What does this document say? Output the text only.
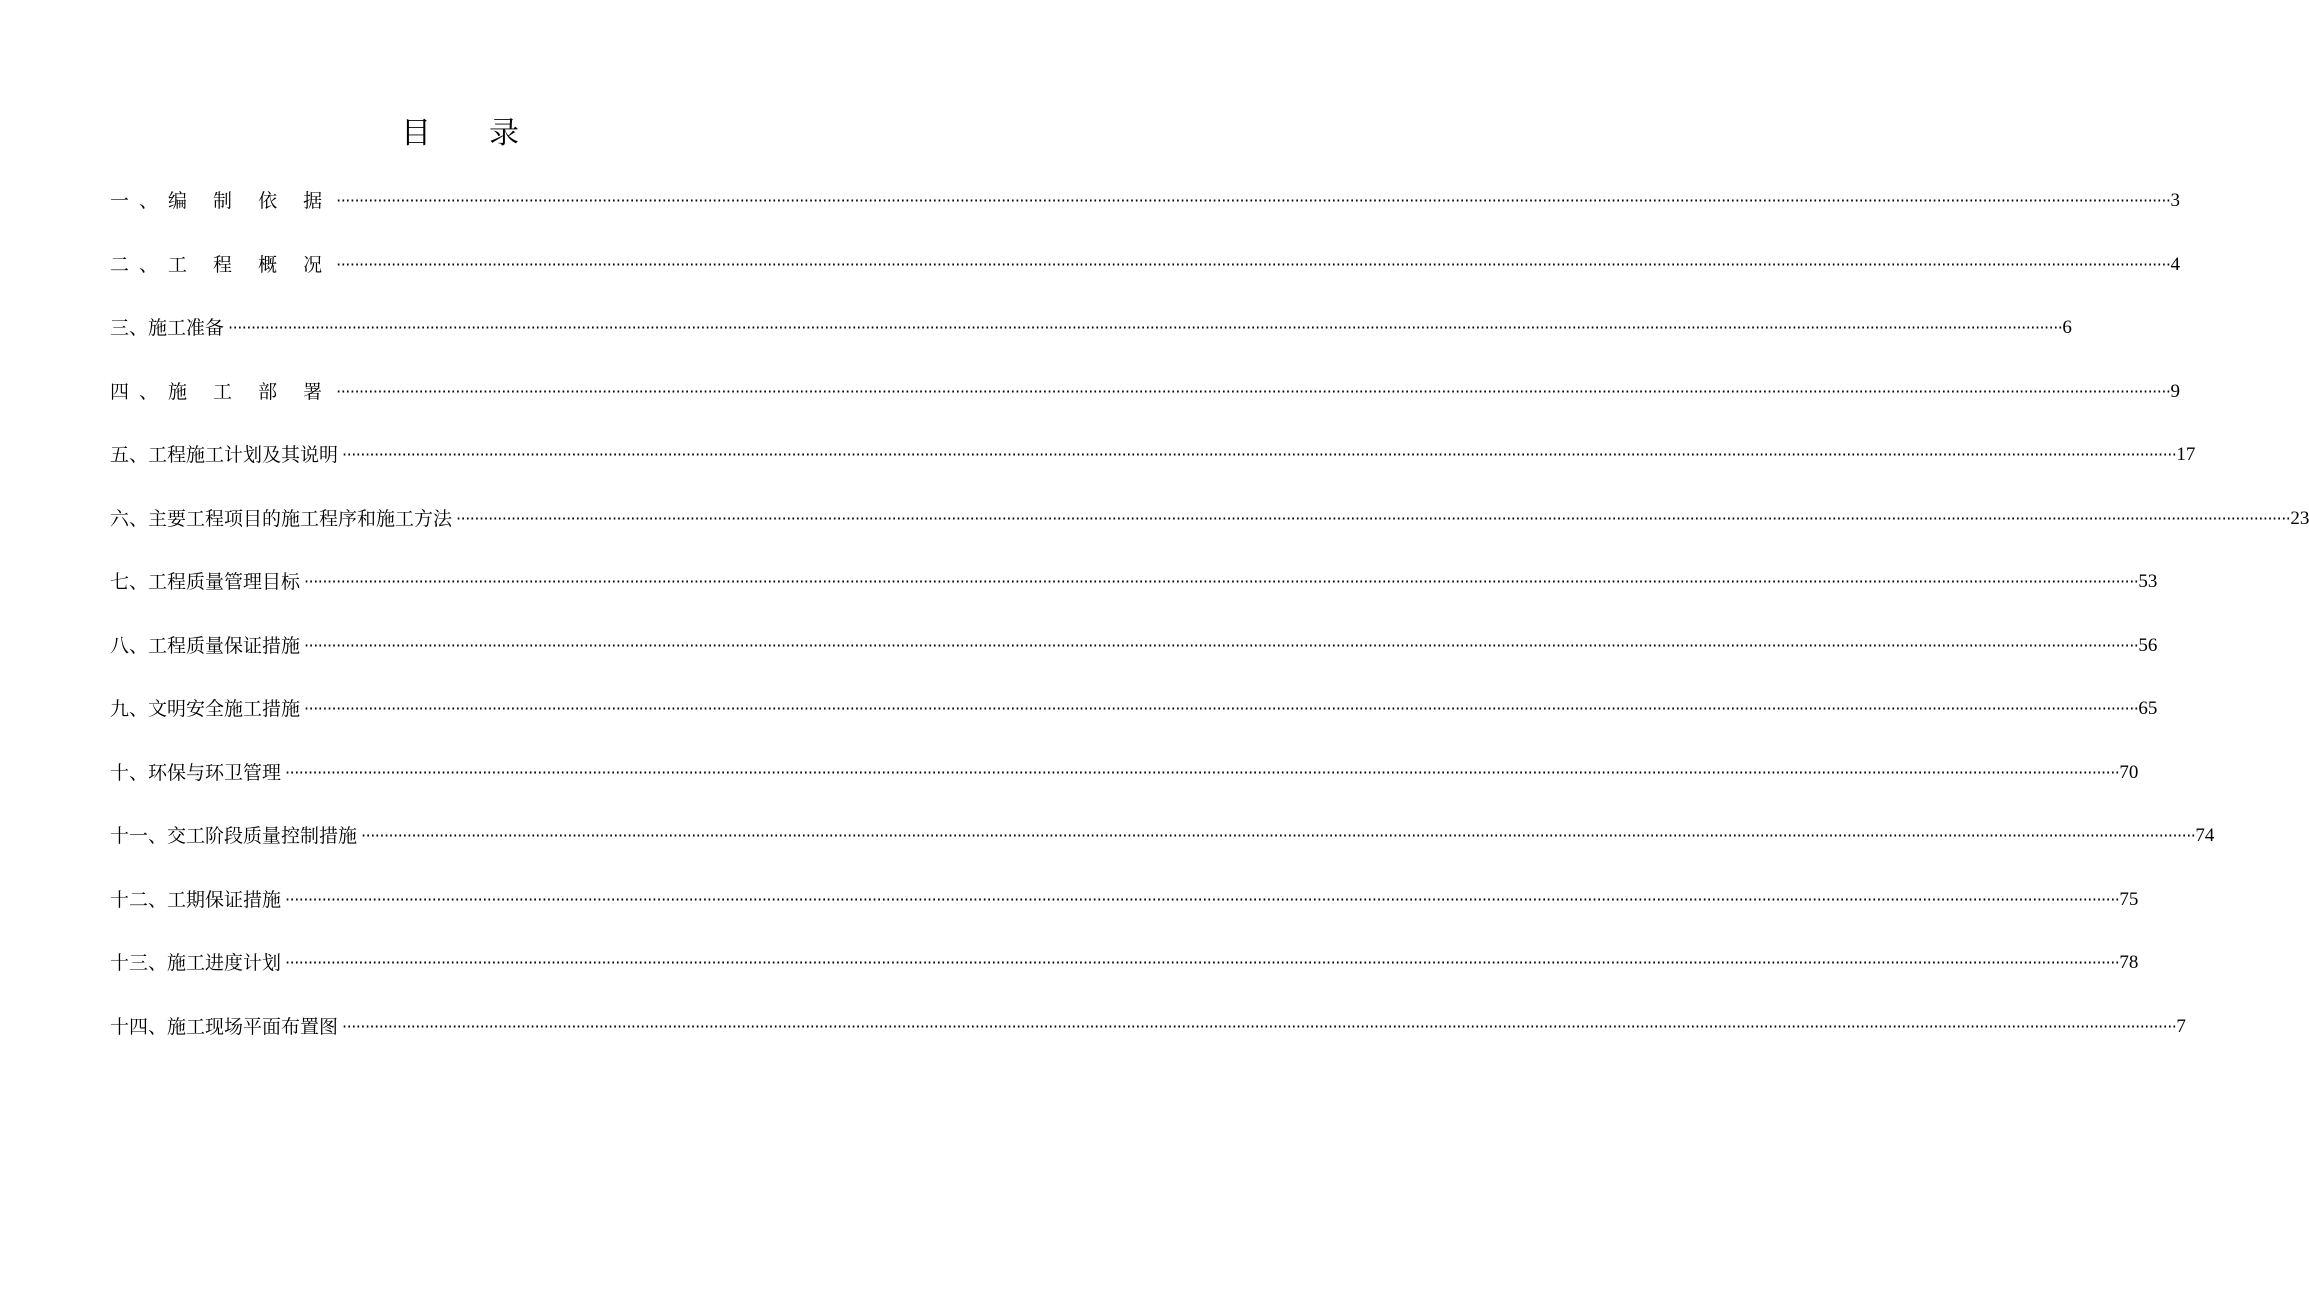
目 录
一、编 制 依 据 ················································································································································································································································································································································································································ 3
二、工 程 概 况 ················································································································································································································································································································································································································ 4
三、施工准备 ················································································································································································································································································································································································································ 6
四、施 工 部 署 ················································································································································································································································································································································································································ 9
五、工程施工计划及其说明 ················································································································································································································································································································································································································ 17
六、主要工程项目的施工程序和施工方法 ················································································································································································································································································································································································································ 23
七、工程质量管理目标 ················································································································································································································································································································································································································ 53
八、工程质量保证措施 ················································································································································································································································································································································································································ 56
九、文明安全施工措施 ················································································································································································································································································································································································································ 65
十、环保与环卫管理 ················································································································································································································································································································································································································ 70
十一、交工阶段质量控制措施 ················································································································································································································································································································································································································ 74
十二、工期保证措施 ················································································································································································································································································································································································································ 75
十三、施工进度计划 ················································································································································································································································································································································································································ 78
十四、施工现场平面布置图 ················································································································································································································································································································································································································ 7
